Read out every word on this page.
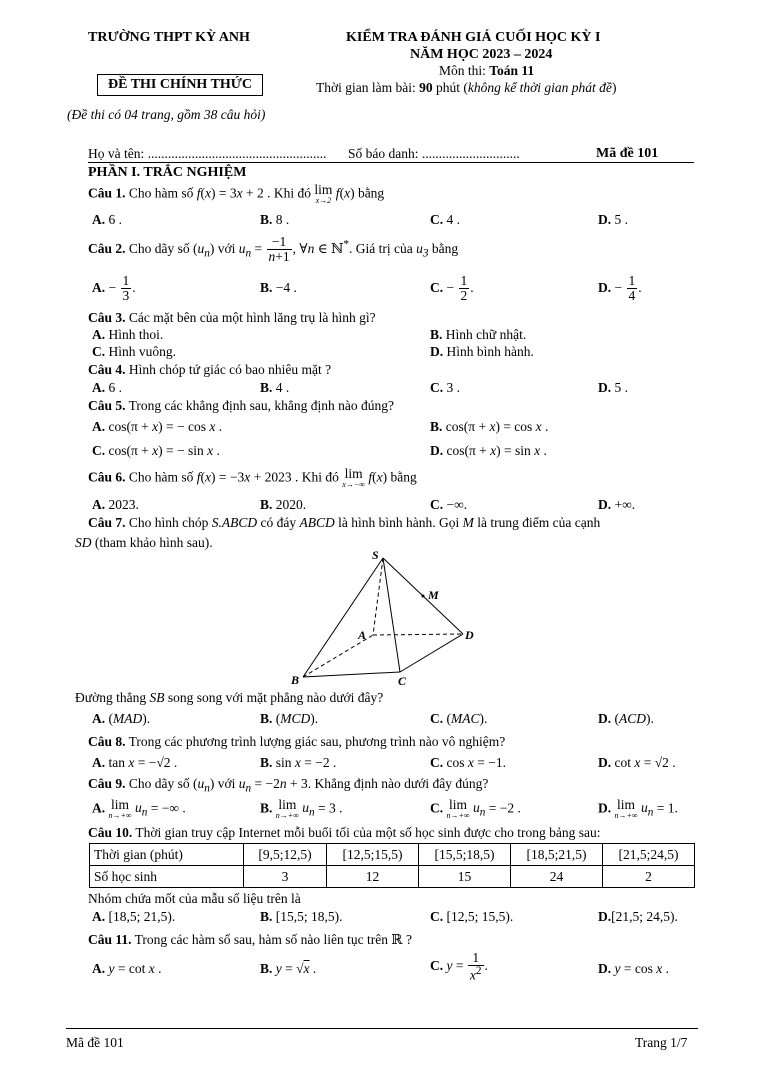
TRƯỜNG THPT KỲ ANH
ĐỀ THI CHÍNH THỨC
(Đề thi có 04 trang, gồm 38 câu hỏi)
KIỂM TRA ĐÁNH GIÁ CUỐI HỌC KỲ I
NĂM HỌC 2023 – 2024
Môn thi: Toán 11
Thời gian làm bài: 90 phút (không kể thời gian phát đề)
Họ và tên: ..................................................... Số báo danh: .............................	Mã đề 101
PHẦN I. TRẮC NGHIỆM
Câu 1. Cho hàm số f(x) = 3x + 2 . Khi đó lim
x→2
f(x) bằng
A. 6 .	B. 8 .	C. 4 .	D. 5 .
Câu 2. Cho dãy số $(u_n)$ với $u_n = \frac{-1}{n+1}$ , ∀n ∈ ℕ*. Giá trị của $u_3$ bằng
A. − $\frac{1}{3}$ .	B. −4 .	C. − $\frac{1}{2}$ .	D. − $\frac{1}{4}$ .
Câu 3. Các mặt bên của một hình lăng trụ là hình gì?
A. Hình thoi.	B. Hình chữ nhật.
C. Hình vuông.	D. Hình bình hành.
Câu 4. Hình chóp tứ giác có bao nhiêu mặt ?
A. 6 .	B. 4 .	C. 3 .	D. 5 .
Câu 5. Trong các khẳng định sau, khẳng định nào đúng?
A. cos(π + x) = − cos x .	B. cos(π + x) = cos x .
C. cos(π + x) = − sin x .	D. cos(π + x) = sin x .
Câu 6. Cho hàm số f(x) = −3x + 2023 . Khi đó lim
x→−∞
f(x) bằng
A. 2023.	B. 2020.	C. −∞.	D. +∞.
Câu 7. Cho hình chóp S.ABCD có đáy ABCD là hình bình hành. Gọi M là trung điểm của cạnh
SD (tham khảo hình sau).
S
M
A	D
B	C
Đường thẳng SB song song với mặt phẳng nào dưới đây?
A. (MAD).	B. (MCD).	C. (MAC).	D. (ACD).
Câu 8. Trong các phương trình lượng giác sau, phương trình nào vô nghiệm?
A. tan x = −√2 .	B. sin x = −2 .	C. cos x = −1.	D. cot x = √2 .
Câu 9. Cho dãy số $(u_n)$ với $u_n = -2n + 3$. Khẳng định nào dưới đây đúng?
A. lim
n→+∞
$u_n$ = −∞ .	B. lim
n→+∞
$u_n = 3$ .	C. lim
n→+∞
$u_n = -2$ .	D. lim
n→+∞
$u_n = 1$.
Câu 10. Thời gian truy cập Internet mỗi buổi tối của một số học sinh được cho trong bảng sau:
Thời gian (phút)	[9,5;12,5)	[12,5;15,5)	[15,5;18,5)	[18,5;21,5)	[21,5;24,5)
Số học sinh	3	12	15	24	2
Nhóm chứa mốt của mẫu số liệu trên là
A. [18,5; 21,5).	B. [15,5; 18,5).	C. [12,5; 15,5).	D.[21,5; 24,5).
Câu 11. Trong các hàm số sau, hàm số nào liên tục trên ℝ ?
A. y = cot x .	B. y = √x .	C. $y = \frac{1}{x^2}$ .	D. y = cos x .
Mã đề 101	Trang 1/7
